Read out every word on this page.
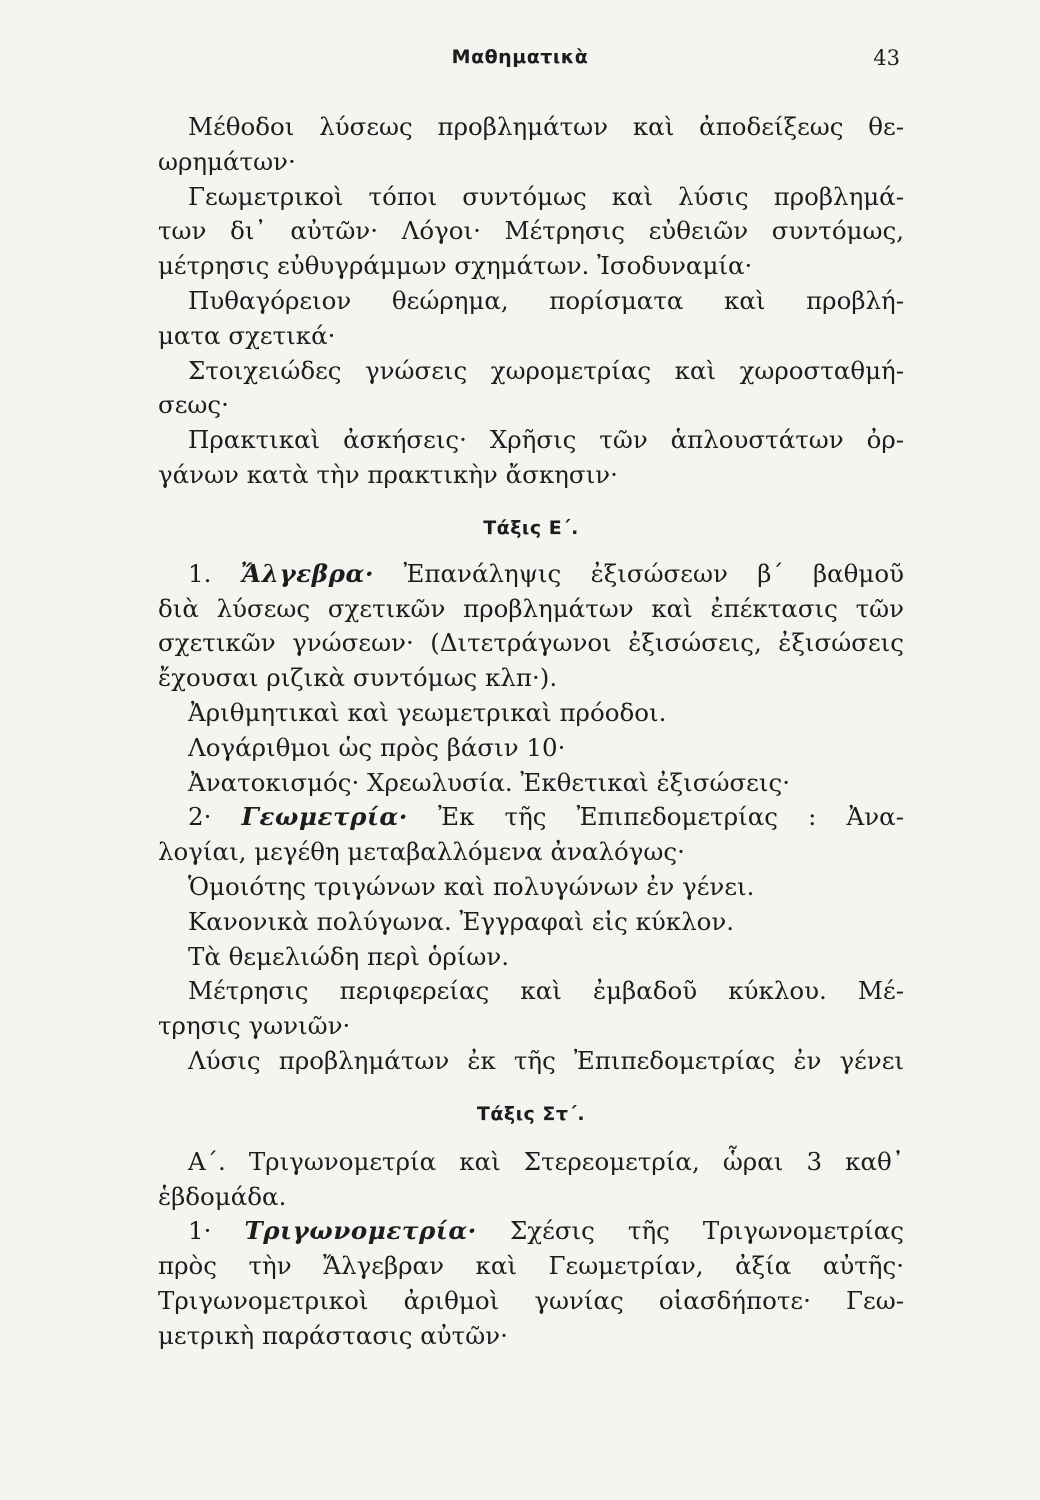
Μαθηματικὰ	43
Μέθοδοι λύσεως προβλημάτων καὶ ἀποδείξεως θε-
ωρημάτων·
Γεωμετρικοὶ τόποι συντόμως καὶ λύσις προβλημά-
των δι᾽ αὐτῶν· Λόγοι· Μέτρησις εὐθειῶν συντόμως,
μέτρησις εὐθυγράμμων σχημάτων. Ἰσοδυναμία·
Πυθαγόρειον θεώρημα, πορίσματα καὶ προβλή-
ματα σχετικά·
Στοιχειώδες γνώσεις χωρομετρίας καὶ χωροσταθμή-
σεως·
Πρακτικαὶ ἀσκήσεις· Χρῆσις τῶν ἁπλουστάτων ὀρ-
γάνων κατὰ τὴν πρακτικὴν ἄσκησιν·
Τάξις Ε΄.
1. Ἄλγεβρα· Ἐπανάληψις ἐξισώσεων β΄ βαθμοῦ
διὰ λύσεως σχετικῶν προβλημάτων καὶ ἐπέκτασις τῶν
σχετικῶν γνώσεων· (Διτετράγωνοι ἐξισώσεις, ἐξισώσεις
ἔχουσαι ριζικὰ συντόμως κλπ·).
Ἀριθμητικαὶ καὶ γεωμετρικαὶ πρόοδοι.
Λογάριθμοι ὡς πρὸς βάσιν 10·
Ἀνατοκισμός· Χρεωλυσία. Ἐκθετικαὶ ἐξισώσεις·
2· Γεωμετρία· Ἐκ τῆς Ἐπιπεδομετρίας : Ἀνα-
λογίαι, μεγέθη μεταβαλλόμενα ἀναλόγως·
Ὁμοιότης τριγώνων καὶ πολυγώνων ἐν γένει.
Κανονικὰ πολύγωνα. Ἐγγραφαὶ εἰς κύκλον.
Τὰ θεμελιώδη περὶ ὁρίων.
Μέτρησις περιφερείας καὶ ἐμβαδοῦ κύκλου. Μέ-
τρησις γωνιῶν·
Λύσις προβλημάτων ἐκ τῆς Ἐπιπεδομετρίας ἐν γένει
Τάξις Στ΄.
Α΄. Τριγωνομετρία καὶ Στερεομετρία, ὧραι 3 καθ᾽
ἑβδομάδα.
1· Τριγωνομετρία· Σχέσις τῆς Τριγωνομετρίας
πρὸς τὴν Ἄλγεβραν καὶ Γεωμετρίαν, ἀξία αὐτῆς·
Τριγωνομετρικοὶ ἀριθμοὶ γωνίας οἱασδήποτε· Γεω-
μετρικὴ παράστασις αὐτῶν·
